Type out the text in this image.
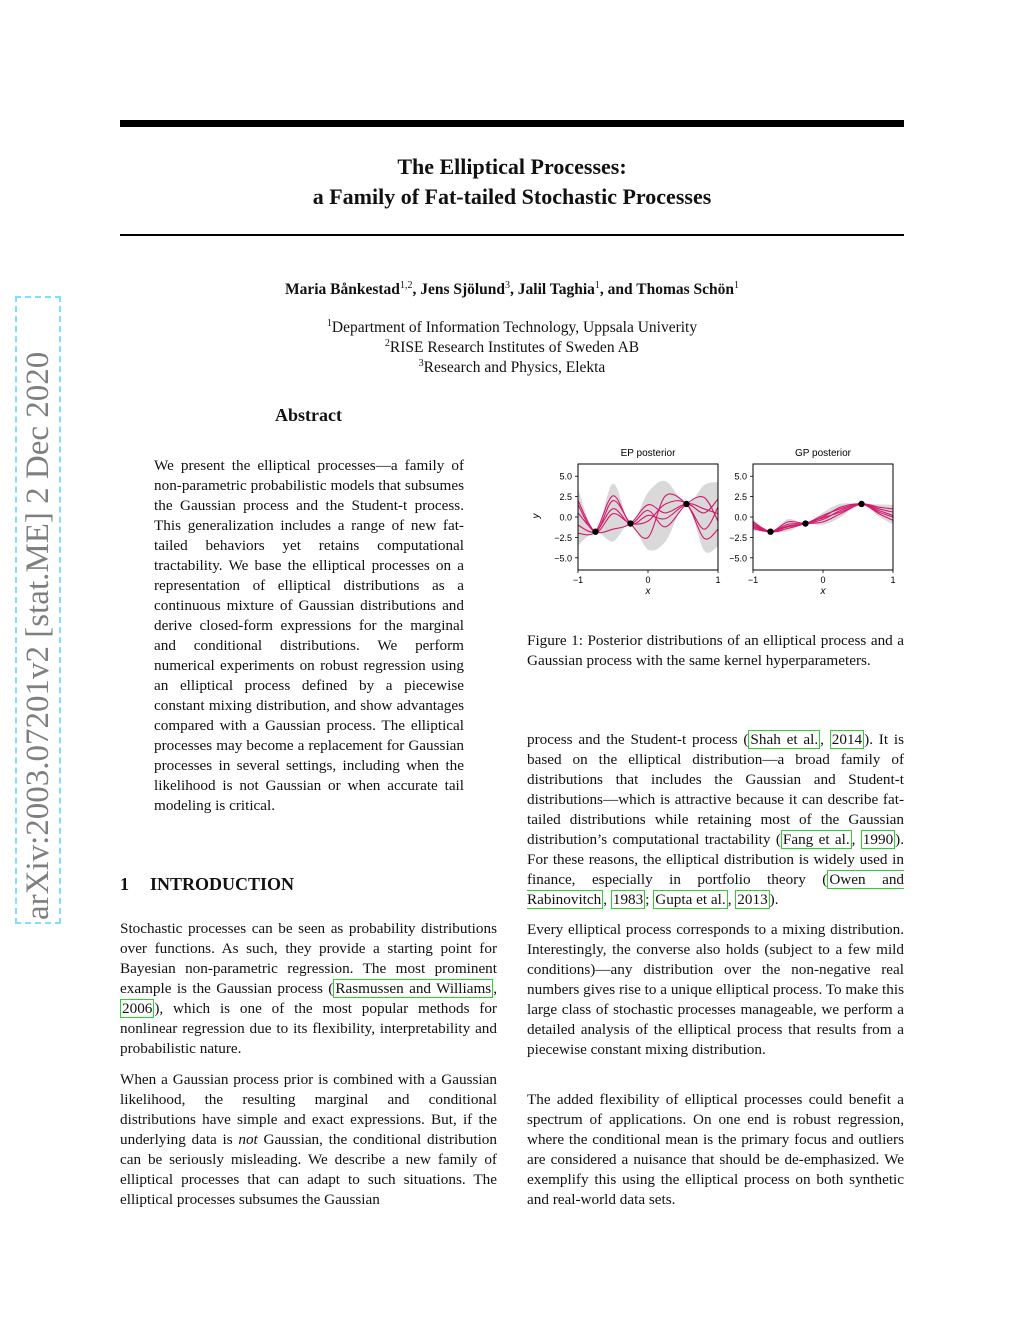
The Elliptical Processes:
a Family of Fat-tailed Stochastic Processes
Maria Bånkestad$^{1,2}$, Jens Sjölund$^3$, Jalil Taghia$^1$, and Thomas Schön$^1$
$^1$Department of Information Technology, Uppsala Univerity
$^2$RISE Research Institutes of Sweden AB
$^3$Research and Physics, Elekta
arXiv:2003.07201v2 [stat.ME] 2 Dec 2020	Abstract

We present the elliptical processes—a family of non-parametric probabilistic models that subsumes the Gaussian process and the Student-t process. This generalization includes a range of new fat-tailed behaviors yet retains computational tractability. We base the elliptical processes on a representation of elliptical distributions as a continuous mixture of Gaussian distributions and derive closed-form expressions for the marginal and conditional distributions. We perform numerical experiments on robust regression using an elliptical process defined by a piecewise constant mixing distribution, and show advantages compared with a Gaussian process. The elliptical processes may become a replacement for Gaussian processes in several settings, including when the likelihood is not Gaussian or when accurate tail modeling is critical.

1 INTRODUCTION

Stochastic processes can be seen as probability distributions over functions. As such, they provide a starting point for Bayesian non-parametric regression. The most prominent example is the Gaussian process ( Rasmussen and Williams , 2006 ), which is one of the most popular methods for nonlinear regression due to its flexibility, interpretability and probabilistic nature.

When a Gaussian process prior is combined with a Gaussian likelihood, the resulting marginal and conditional distributions have simple and exact expressions. But, if the underlying data is not Gaussian, the conditional distribution can be seriously misleading. We describe a new family of elliptical processes that can adapt to such situations. The elliptical processes subsumes the Gaussian

EP posterior
y
x
5.0
2.5
0.0
−2.5
−5.0
−1	0	1
GP posterior
x
5.0
2.5
0.0
−2.5
−5.0
−1	0	1

Figure 1: Posterior distributions of an elliptical process and a Gaussian process with the same kernel hyperparameters.

process and the Student-t process ( Shah et al. , 2014 ). It is based on the elliptical distribution—a broad family of distributions that includes the Gaussian and Student-t distributions—which is attractive because it can describe fat-tailed distributions while retaining most of the Gaussian distribution’s computational tractability ( Fang et al. , 1990 ). For these reasons, the elliptical distribution is widely used in finance, especially in portfolio theory ( Owen and Rabinovitch , 1983 ; Gupta et al. , 2013 ).

Every elliptical process corresponds to a mixing distribution. Interestingly, the converse also holds (subject to a few mild conditions)—any distribution over the non-negative real numbers gives rise to a unique elliptical process. To make this large class of stochastic processes manageable, we perform a detailed analysis of the elliptical process that results from a piecewise constant mixing distribution.

The added flexibility of elliptical processes could benefit a spectrum of applications. On one end is robust regression, where the conditional mean is the primary focus and outliers are considered a nuisance that should be de-emphasized. We exemplify this using the elliptical process on both synthetic and real-world data sets.
